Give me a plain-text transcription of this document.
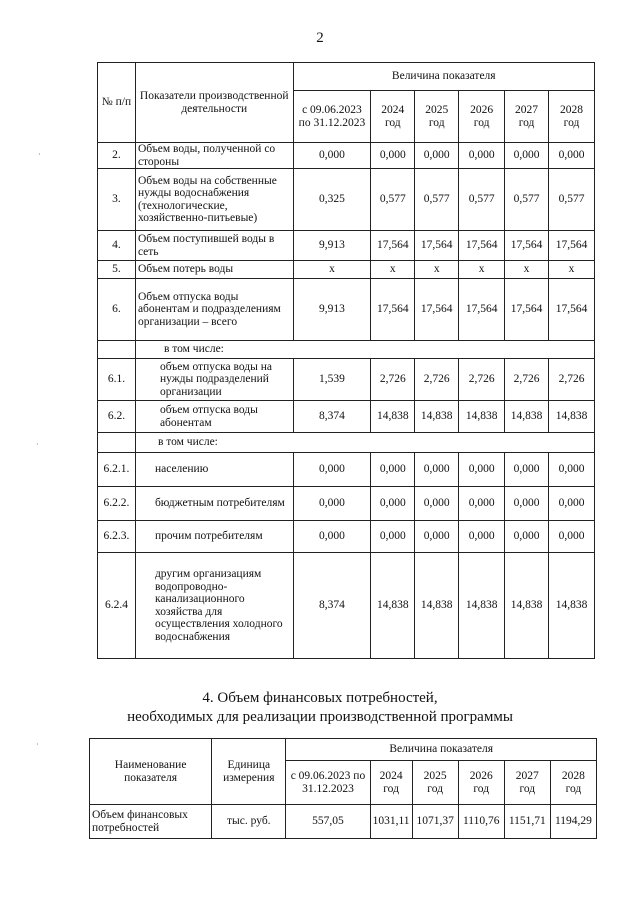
2
№ п/п	Показатели производственной деятельности	Величина показателя					
		с 09.06.2023 по 31.12.2023	2024 год	2025 год	2026 год	2027 год	2028 год
2.	Объем воды, полученной со стороны	0,000	0,000	0,000	0,000	0,000	0,000
3.	Объем воды на собственные нужды водоснабжения (технологические, хозяйственно-питьевые)	0,325	0,577	0,577	0,577	0,577	0,577
4.	Объем поступившей воды в сеть	9,913	17,564	17,564	17,564	17,564	17,564
5.	Объем потерь воды	x	x	x	x	x	x
6.	Объем отпуска воды абонентам и подразделениям организации – всего	9,913	17,564	17,564	17,564	17,564	17,564
	в том числе:						
6.1.	объем отпуска воды на нужды подразделений организации	1,539	2,726	2,726	2,726	2,726	2,726
6.2.	объем отпуска воды абонентам	8,374	14,838	14,838	14,838	14,838	14,838
	в том числе:						
6.2.1.	населению	0,000	0,000	0,000	0,000	0,000	0,000
6.2.2.	бюджетным потребителям	0,000	0,000	0,000	0,000	0,000	0,000
6.2.3.	прочим потребителям	0,000	0,000	0,000	0,000	0,000	0,000
6.2.4	другим организациям водопроводно-канализационного хозяйства для осуществления холодного водоснабжения	8,374	14,838	14,838	14,838	14,838	14,838
4. Объем финансовых потребностей,
необходимых для реализации производственной программы
Наименование показателя	Единица измерения	Величина показателя					
		с 09.06.2023 по 31.12.2023	2024 год	2025 год	2026 год	2027 год	2028 год
Объем финансовых потребностей	тыс. руб.	557,05	1031,11	1071,37	1110,76	1151,71	1194,29
·
·
·
